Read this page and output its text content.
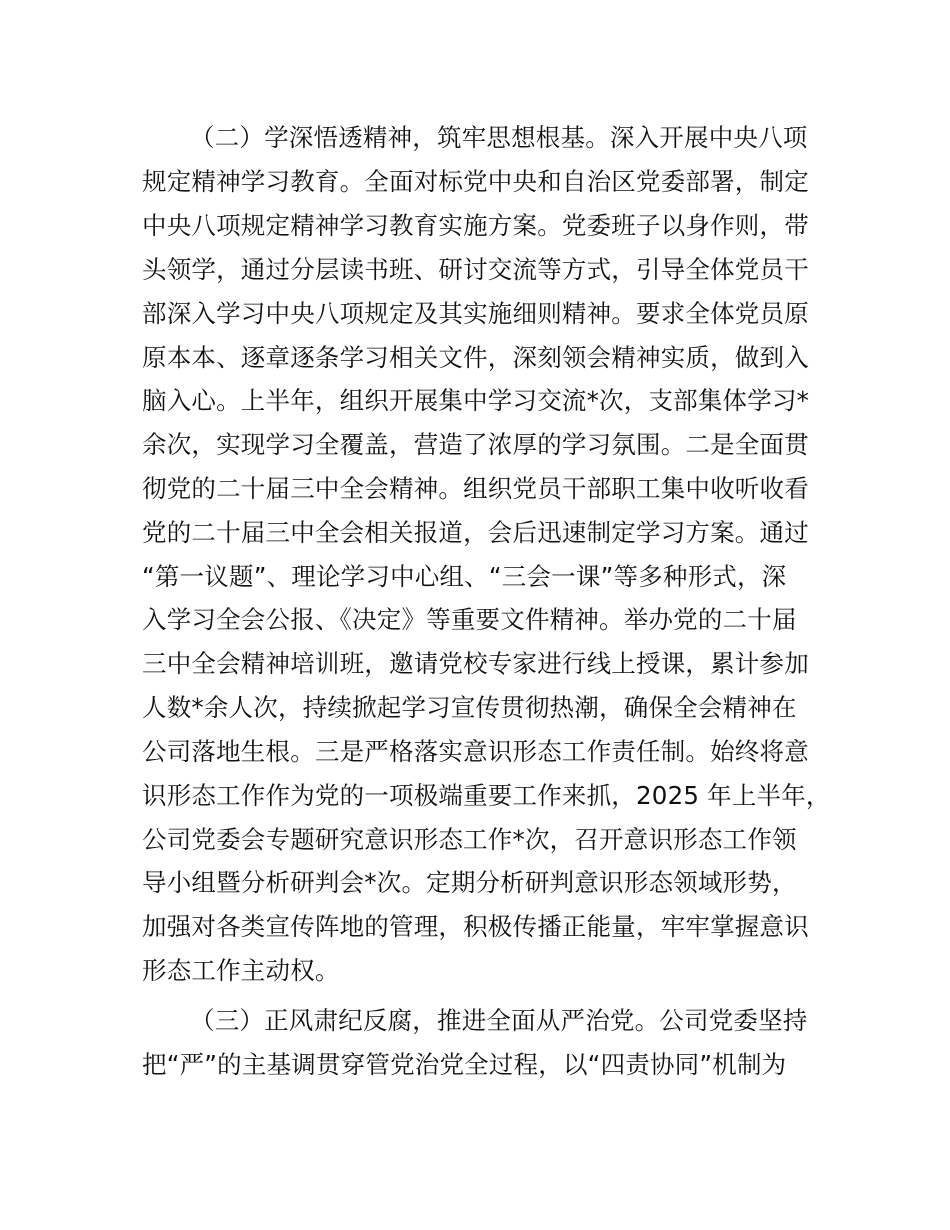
（二）学深悟透精神，筑牢思想根基。深入开展中央八项
规定精神学习教育。全面对标党中央和自治区党委部署，制定
中央八项规定精神学习教育实施方案。党委班子以身作则，带
头领学，通过分层读书班、研讨交流等方式，引导全体党员干
部深入学习中央八项规定及其实施细则精神。要求全体党员原
原本本、逐章逐条学习相关文件，深刻领会精神实质，做到入
脑入心。上半年，组织开展集中学习交流*次，支部集体学习*
余次，实现学习全覆盖，营造了浓厚的学习氛围。二是全面贯
彻党的二十届三中全会精神。组织党员干部职工集中收听收看
党的二十届三中全会相关报道，会后迅速制定学习方案。通过
“第一议题”、理论学习中心组、“三会一课”等多种形式，深
入学习全会公报、《决定》等重要文件精神。举办党的二十届
三中全会精神培训班，邀请党校专家进行线上授课，累计参加
人数*余人次，持续掀起学习宣传贯彻热潮，确保全会精神在
公司落地生根。三是严格落实意识形态工作责任制。始终将意
识形态工作作为党的一项极端重要工作来抓，2025 年上半年，
公司党委会专题研究意识形态工作*次，召开意识形态工作领
导小组暨分析研判会*次。定期分析研判意识形态领域形势，
加强对各类宣传阵地的管理，积极传播正能量，牢牢掌握意识
形态工作主动权。
（三）正风肃纪反腐，推进全面从严治党。公司党委坚持
把“严”的主基调贯穿管党治党全过程，以“四责协同”机制为
